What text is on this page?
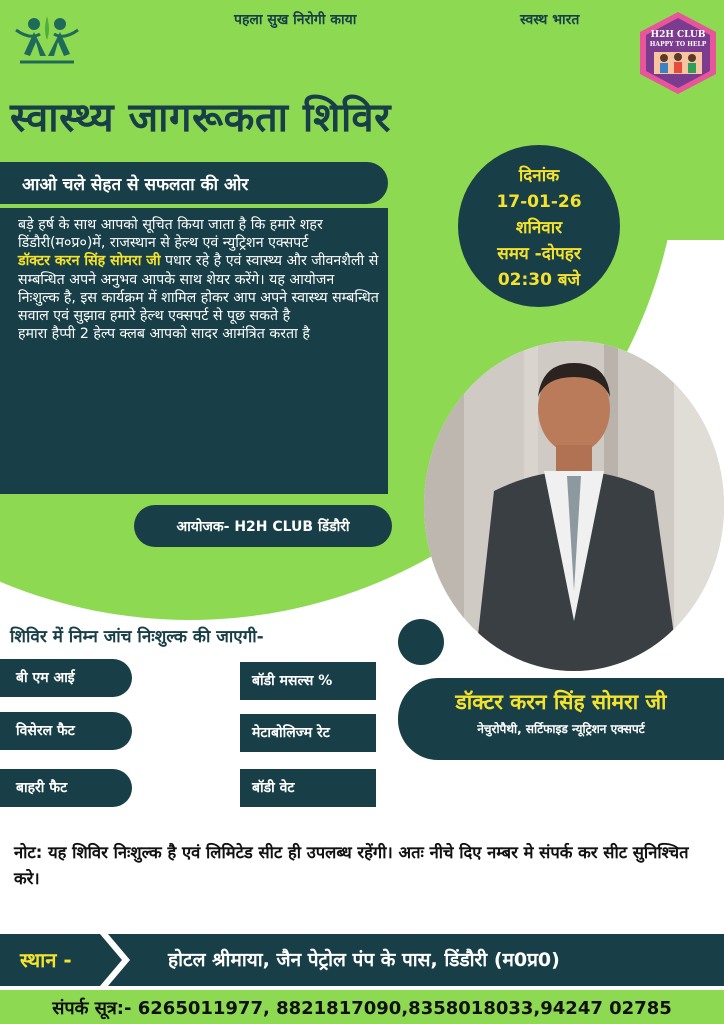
पहला सुख निरोगी काया	स्वस्थ भारत
H2H CLUB
HAPPY TO HELP
स्वास्थ्य जागरूकता शिविर
आओ चले सेहत से सफलता की ओर	दिनांक
17-01-26
शनिवार
समय -दोपहर
02:30 बजे
बड़े हर्ष के साथ आपको सूचित किया जाता है कि हमारे शहर डिंडौरी(म०प्र०)में, राजस्थान से हेल्थ एवं न्युट्रिशन एक्सपर्ट
डॉक्टर करन सिंह सोमरा जी पधार रहे है एवं स्वास्थ्य और जीवनशैली से सम्बन्धित अपने अनुभव आपके साथ शेयर करेंगे। यह आयोजन निःशुल्क है, इस कार्यक्रम में शामिल होकर आप अपने स्वास्थ्य सम्बन्धित सवाल एवं सुझाव हमारे हेल्थ एक्सपर्ट से पूछ सकते है
हमारा हैप्पी 2 हेल्प क्लब आपको सादर आमंत्रित करता है
आयोजक- H2H CLUB डिंडौरी
शिविर में निम्न जांच निःशुल्क की जाएगी-
बी एम आई
विसेरल फैट
बाहरी फैट
बॉडी मसल्स %
मेटाबोलिज्म रेट
बॉडी वेट
डॉक्टर करन सिंह सोमरा जी
नेचुरोपैथी, सर्टिफाइड न्यूट्रिशन एक्सपर्ट
नोट: यह शिविर निःशुल्क है एवं लिमिटेड सीट ही उपलब्ध रहेंगी। अतः नीचे दिए नम्बर मे संपर्क कर सीट सुनिश्चित करे।
स्थान -	होटल श्रीमाया, जैन पेट्रोल पंप के पास, डिंडौरी (म0प्र0)
संपर्क सूत्र:- 6265011977, 8821817090,8358018033,94247 02785
